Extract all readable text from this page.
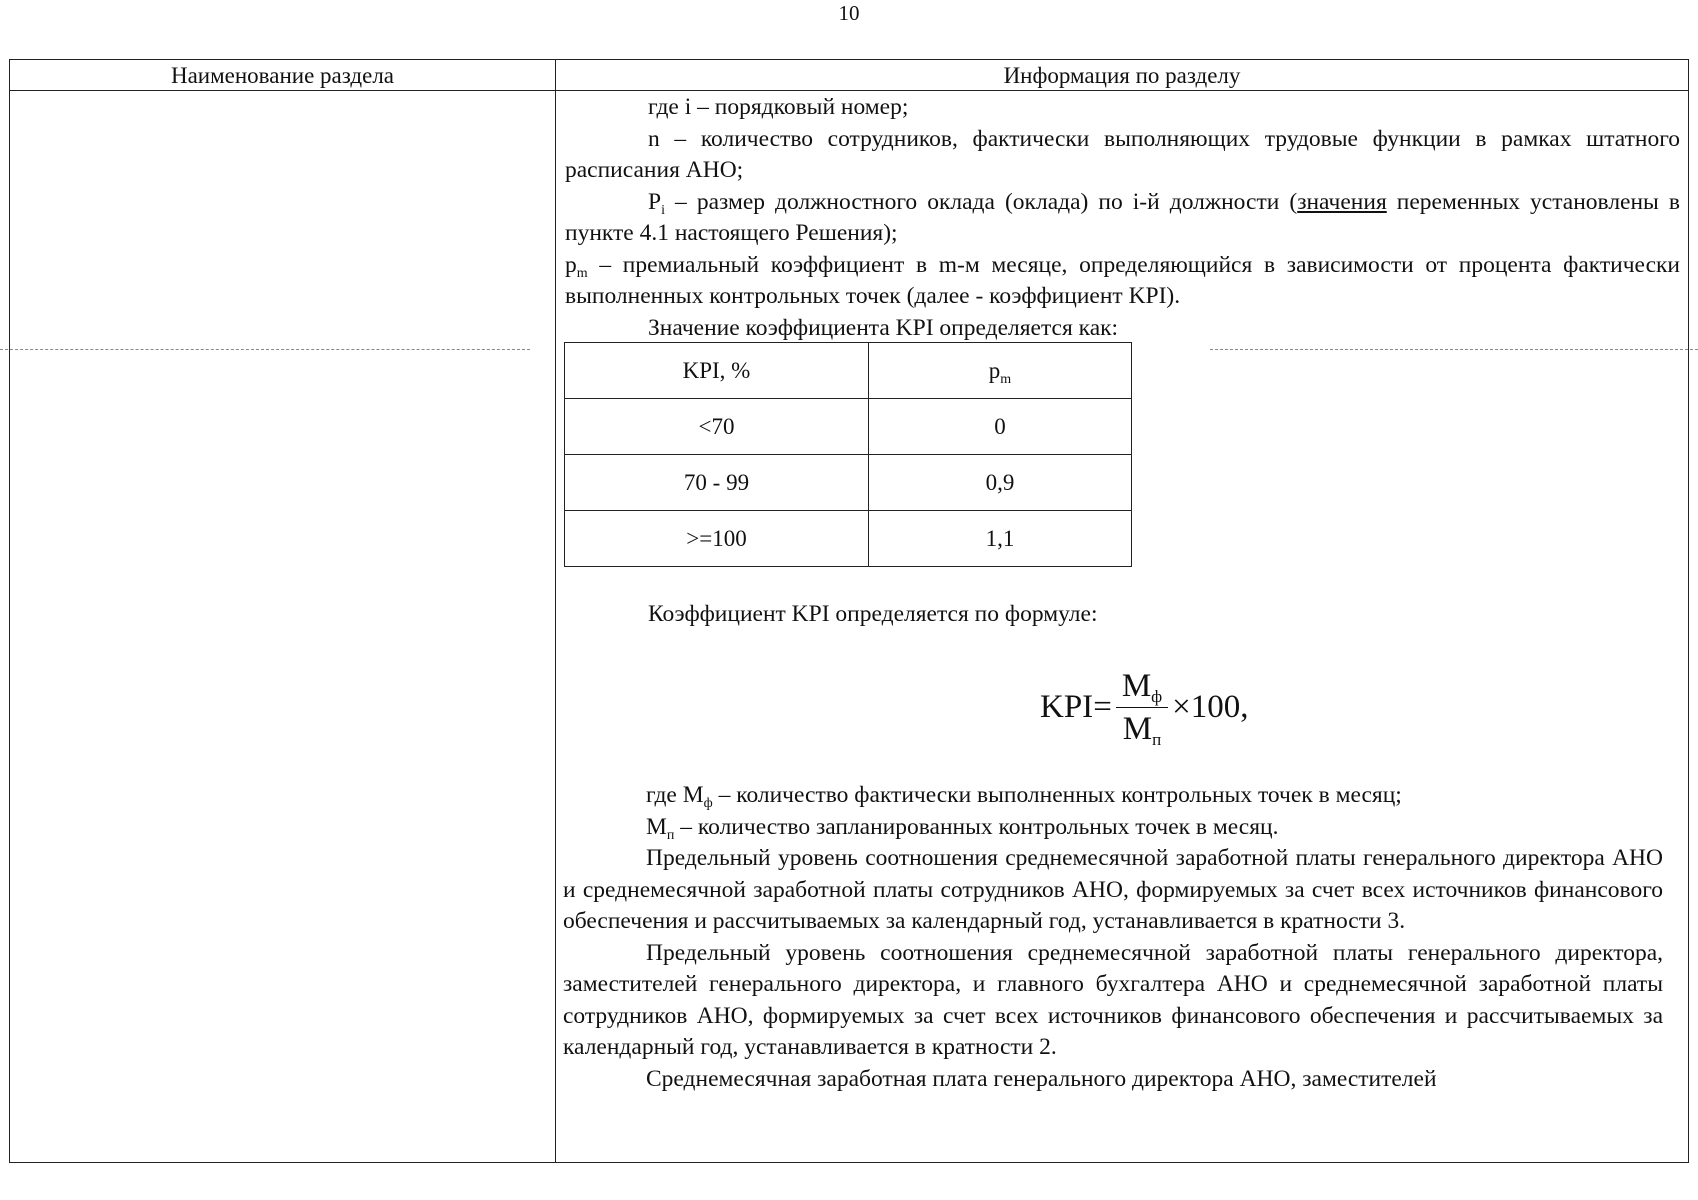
10
Наименование раздела	Информация по разделу

где i – порядковый номер;

n – количество сотрудников, фактически выполняющих трудовые функции в рамках штатного расписания АНО;

$P_i$ – размер должностного оклада (оклада) по i-й должности (значения переменных установлены в пункте 4.1 настоящего Решения);

$p_m$ – премиальный коэффициент в m-м месяце, определяющийся в зависимости от процента фактически выполненных контрольных точек (далее - коэффициент KPI).

Значение коэффициента KPI определяется как:

KPI, %	$p_m$
<70	0
70 - 99	0,9
>=100	1,1
Коэффициент KPI определяется по формуле:
KPI = $\frac{M_ф}{M_п} \times 100$,

где $M_ф$ – количество фактически выполненных контрольных точек в месяц;

$M_п$ – количество запланированных контрольных точек в месяц.

Предельный уровень соотношения среднемесячной заработной платы генерального директора АНО и среднемесячной заработной платы сотрудников АНО, формируемых за счет всех источников финансового обеспечения и рассчитываемых за календарный год, устанавливается в кратности 3.

Предельный уровень соотношения среднемесячной заработной платы генерального директора, заместителей генерального директора, и главного бухгалтера АНО и среднемесячной заработной платы сотрудников АНО, формируемых за счет всех источников финансового обеспечения и рассчитываемых за календарный год, устанавливается в кратности 2.

Среднемесячная заработная плата генерального директора АНО, заместителей
